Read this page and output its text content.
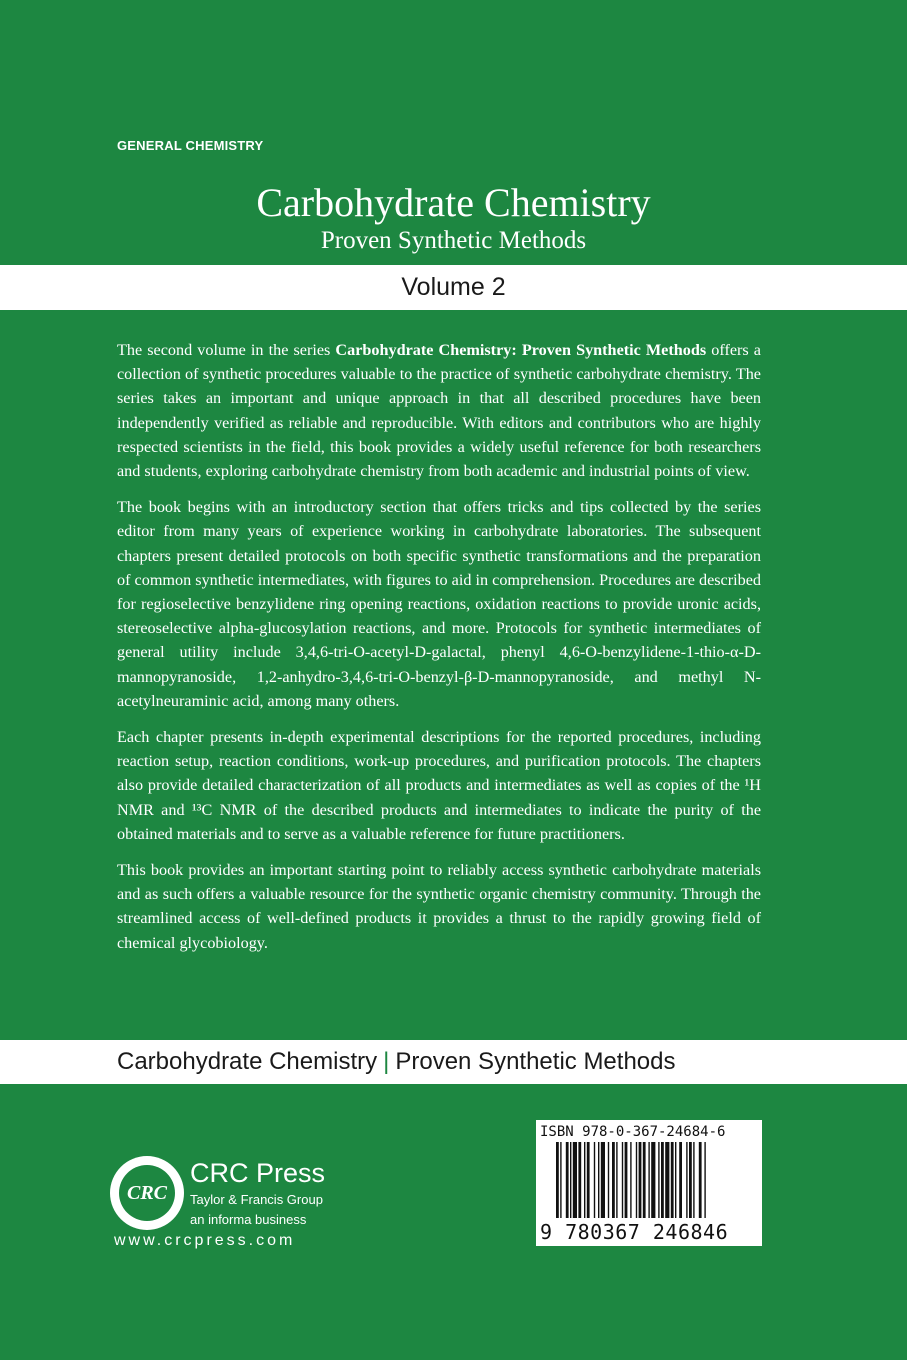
GENERAL CHEMISTRY
Carbohydrate Chemistry
Proven Synthetic Methods
Volume 2

The second volume in the series Carbohydrate Chemistry: Proven Synthetic Methods offers a collection of synthetic procedures valuable to the practice of synthetic carbohydrate chemistry. The series takes an important and unique approach in that all described procedures have been independently verified as reliable and reproducible. With editors and contributors who are highly respected scientists in the field, this book provides a widely useful reference for both researchers and students, exploring carbohydrate chemistry from both academic and industrial points of view.

The book begins with an introductory section that offers tricks and tips collected by the series editor from many years of experience working in carbohydrate laboratories. The subsequent chapters present detailed protocols on both specific synthetic transformations and the preparation of common synthetic intermediates, with figures to aid in comprehension. Procedures are described for regioselective benzylidene ring opening reactions, oxidation reactions to provide uronic acids, stereoselective alpha-glucosylation reactions, and more. Protocols for synthetic intermediates of general utility include 3,4,6-tri-O-acetyl-D-galactal, phenyl 4,6-O-benzylidene-1-thio-α-D-mannopyranoside, 1,2-anhydro-3,4,6-tri-O-benzyl-β-D-mannopyranoside, and methyl N-acetylneuraminic acid, among many others.

Each chapter presents in-depth experimental descriptions for the reported procedures, including reaction setup, reaction conditions, work-up procedures, and purification protocols. The chapters also provide detailed characterization of all products and intermediates as well as copies of the ¹H NMR and ¹³C NMR of the described products and intermediates to indicate the purity of the obtained materials and to serve as a valuable reference for future practitioners.

This book provides an important starting point to reliably access synthetic carbohydrate materials and as such offers a valuable resource for the synthetic organic chemistry community. Through the streamlined access of well-defined products it provides a thrust to the rapidly growing field of chemical glycobiology.

Carbohydrate Chemistry | Proven Synthetic Methods
CRC
CRC Press
Taylor & Francis Group
an informa business
www.crcpress.com
ISBN 978-0-367-24684-6
9 780367 246846
